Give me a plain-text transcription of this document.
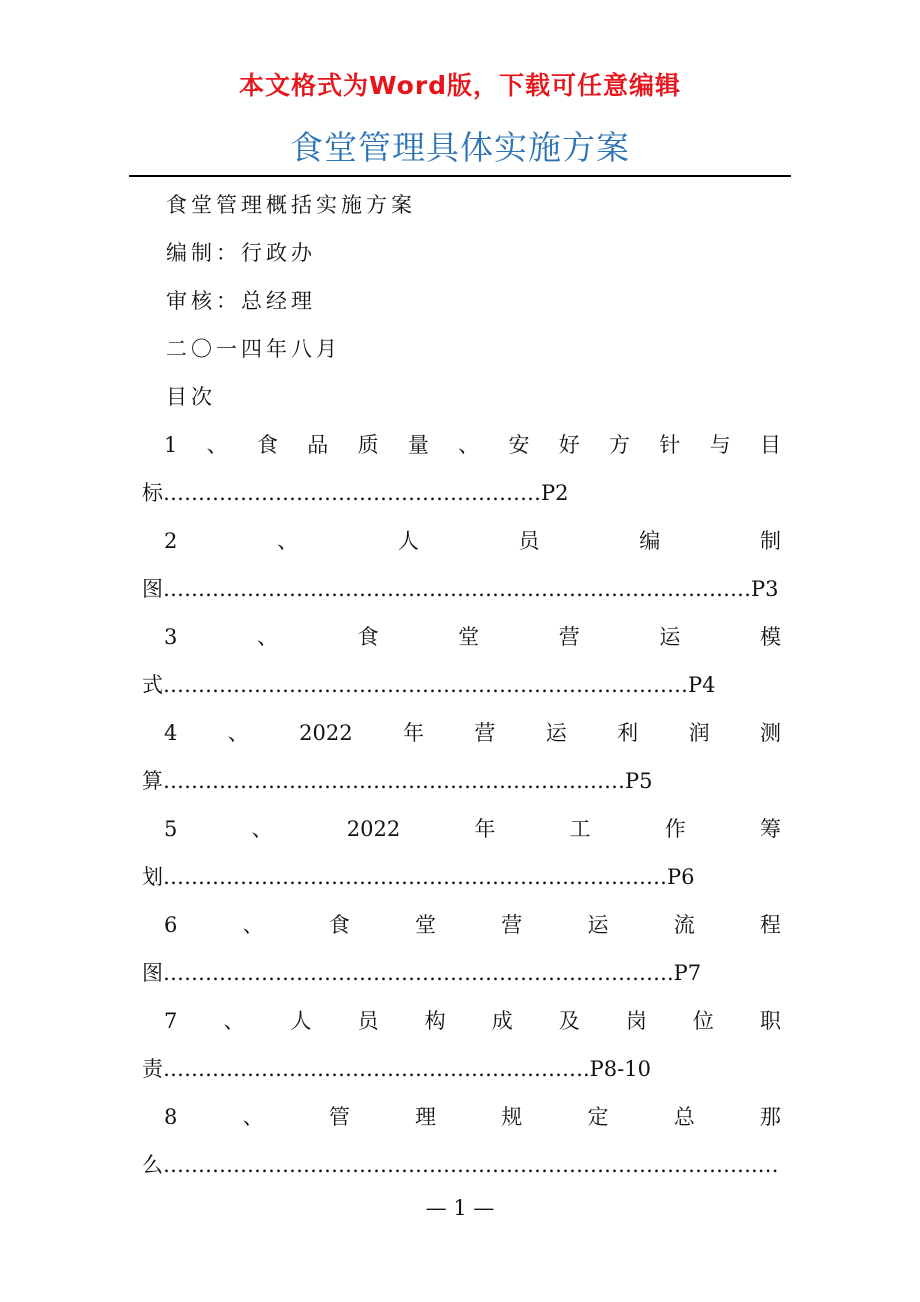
本文格式为Word版，下载可任意编辑
食堂管理具体实施方案
食堂管理概括实施方案
编制：行政办
审核：总经理
二〇一四年八月
目次
1 、 食 品 质 量 、 安 好 方 针 与 目
标………………………………………………P2
2	、	人	员	编	制
图…………………………………………………………………………P3
3	、	食	堂	营	运	模
式…………………………………………………………………P4
4 、 2022 年 营 运 利 润 测
算…………………………………………………………P5
5	、	2022	年	工	作	筹
划………………………………………………………………P6
6	、	食	堂	营	运	流	程
图……………………………………………………………….P7
7 、 人 员 构 成 及 岗 位 职
责…………………………………………………….P8-10
8	、	管	理	规	定	总	那
么………………………………………………………………………….…
— 1 —
